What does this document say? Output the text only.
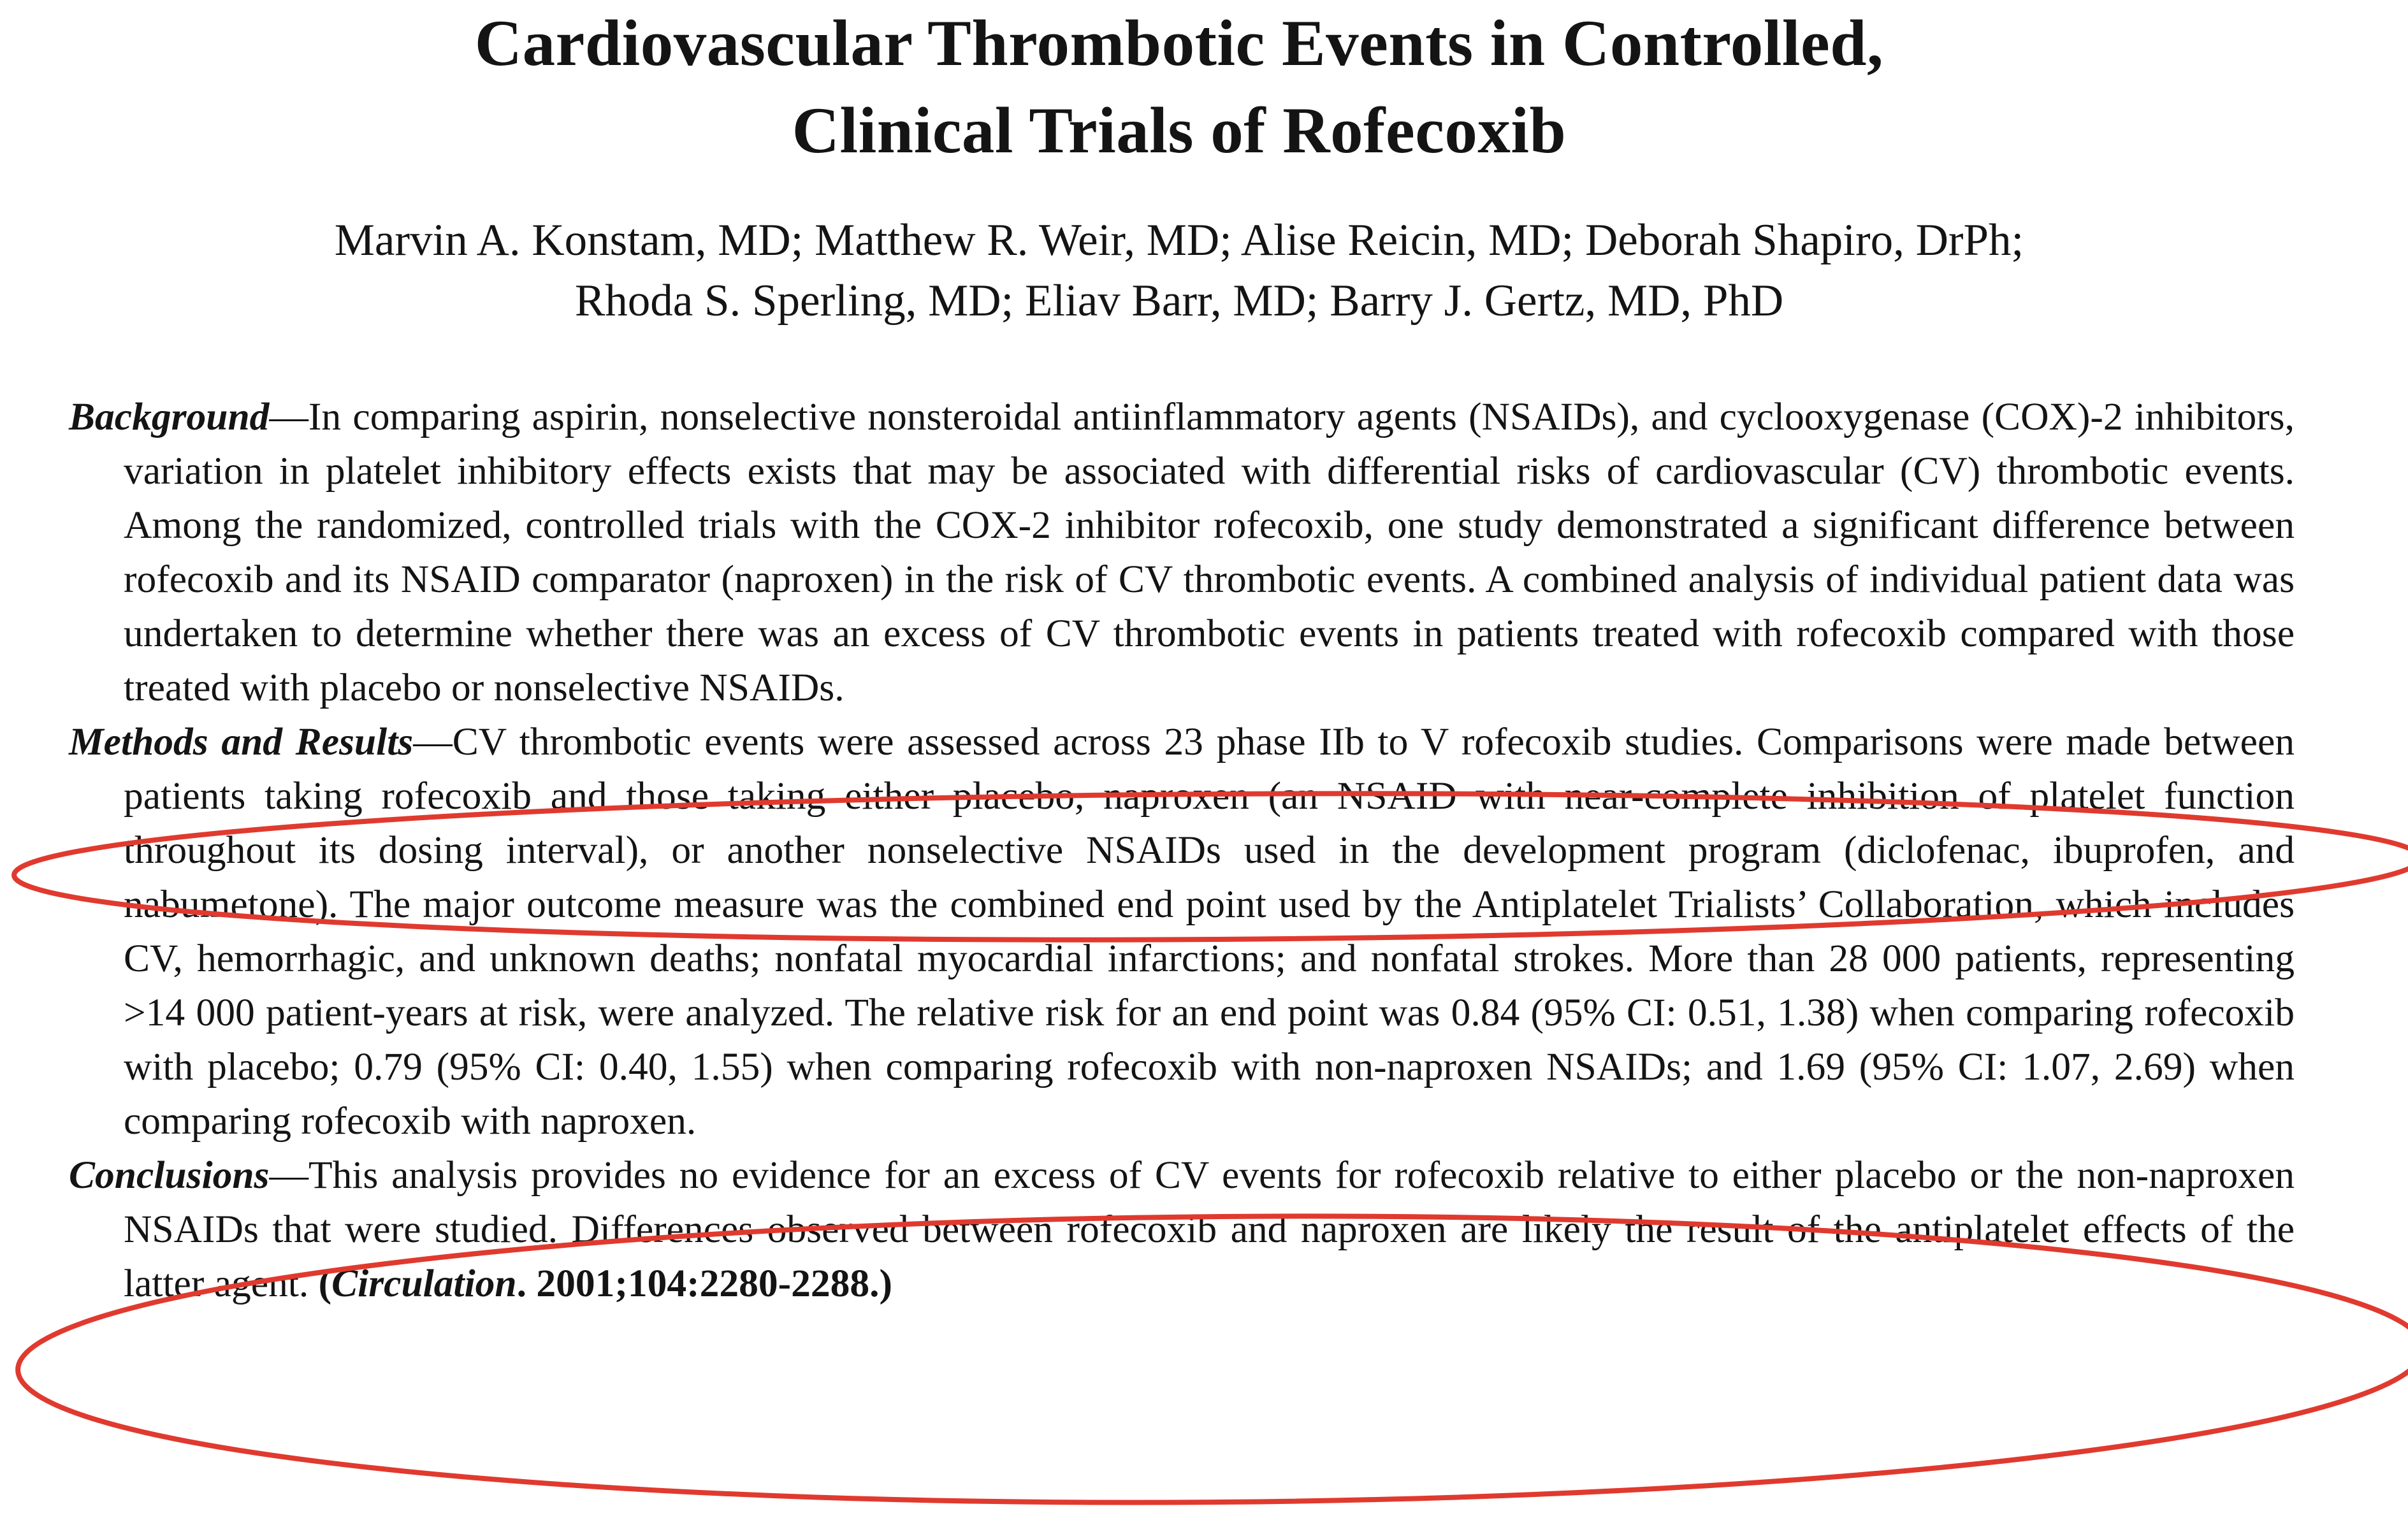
Cardiovascular Thrombotic Events in Controlled,
Clinical Trials of Rofecoxib
Marvin A. Konstam, MD; Matthew R. Weir, MD; Alise Reicin, MD; Deborah Shapiro, DrPh;
Rhoda S. Sperling, MD; Eliav Barr, MD; Barry J. Gertz, MD, PhD

Background—In comparing aspirin, nonselective nonsteroidal antiinflammatory agents (NSAIDs), and cyclooxygenase (COX)-2 inhibitors, variation in platelet inhibitory effects exists that may be associated with differential risks of cardiovascular (CV) thrombotic events. Among the randomized, controlled trials with the COX-2 inhibitor rofecoxib, one study demonstrated a significant difference between rofecoxib and its NSAID comparator (naproxen) in the risk of CV thrombotic events. A combined analysis of individual patient data was undertaken to determine whether there was an excess of CV thrombotic events in patients treated with rofecoxib compared with those treated with placebo or nonselective NSAIDs.

Methods and Results—CV thrombotic events were assessed across 23 phase IIb to V rofecoxib studies. Comparisons were made between patients taking rofecoxib and those taking either placebo, naproxen (an NSAID with near-complete inhibition of platelet function throughout its dosing interval), or another nonselective NSAIDs used in the development program (diclofenac, ibuprofen, and nabumetone). The major outcome measure was the combined end point used by the Antiplatelet Trialists’ Collaboration, which includes CV, hemorrhagic, and unknown deaths; nonfatal myocardial infarctions; and nonfatal strokes. More than 28 000 patients, representing >14 000 patient-years at risk, were analyzed. The relative risk for an end point was 0.84 (95% CI: 0.51, 1.38) when comparing rofecoxib with placebo; 0.79 (95% CI: 0.40, 1.55) when comparing rofecoxib with non-naproxen NSAIDs; and 1.69 (95% CI: 1.07, 2.69) when comparing rofecoxib with naproxen.

Conclusions—This analysis provides no evidence for an excess of CV events for rofecoxib relative to either placebo or the non-naproxen NSAIDs that were studied. Differences observed between rofecoxib and naproxen are likely the result of the antiplatelet effects of the latter agent. (Circulation. 2001;104:2280-2288.)
